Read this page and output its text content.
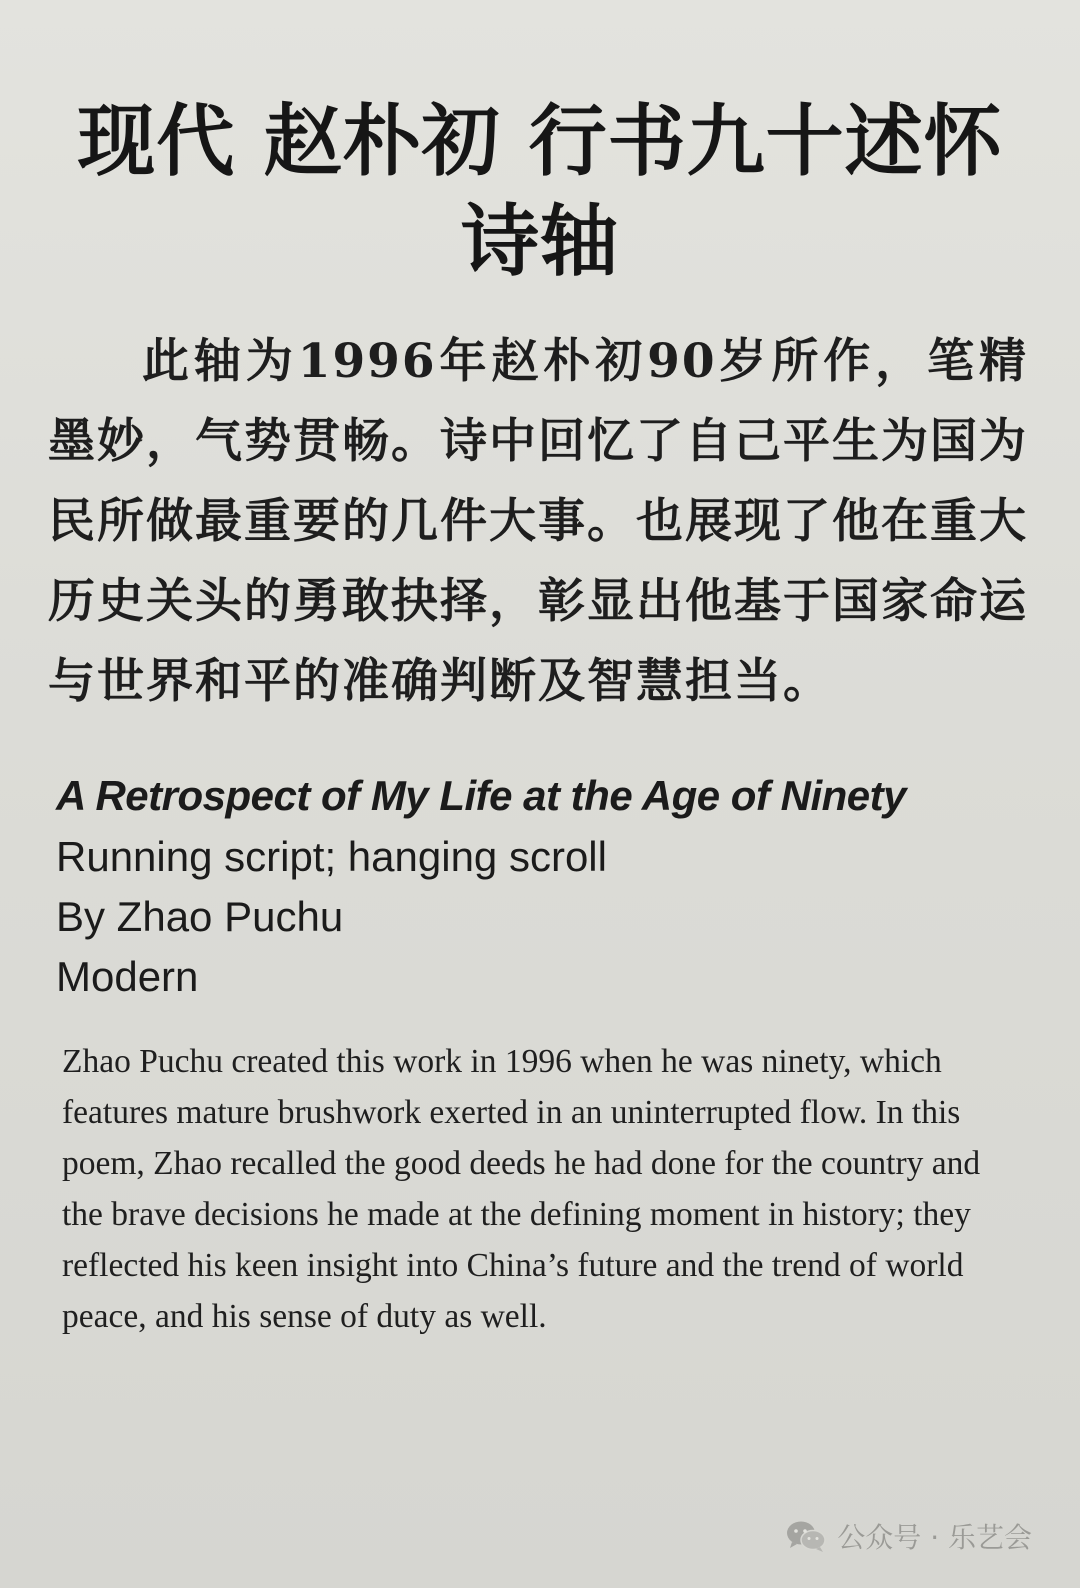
现代 赵朴初 行书九十述怀
诗轴

此轴为1996年赵朴初90岁所作，笔精墨妙，气势贯畅。诗中回忆了自己平生为国为民所做最重要的几件大事。也展现了他在重大历史关头的勇敢抉择，彰显出他基于国家命运与世界和平的准确判断及智慧担当。

A Retrospect of My Life at the Age of Ninety

Running script; hanging scroll

By Zhao Puchu

Modern

Zhao Puchu created this work in 1996 when he was ninety, which features mature brushwork exerted in an uninterrupted flow. In this poem, Zhao recalled the good deeds he had done for the country and the brave decisions he made at the defining moment in history; they reflected his keen insight into China’s future and the trend of world peace, and his sense of duty as well.

公众号 · 乐艺会
